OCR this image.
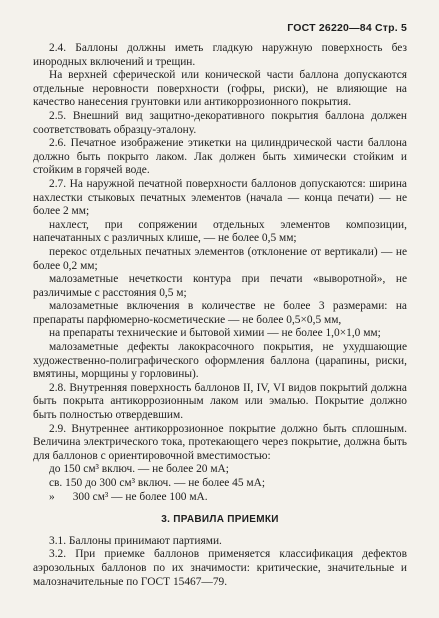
ГОСТ 26220—84 Стр. 5

2.4. Баллоны должны иметь гладкую наружную поверхность без инородных включений и трещин.

На верхней сферической или конической части баллона допускаются отдельные неровности поверхности (гофры, риски), не влияющие на качество нанесения грунтовки или антикоррозионного покрытия.

2.5. Внешний вид защитно-декоративного покрытия баллона должен соответствовать образцу-эталону.

2.6. Печатное изображение этикетки на цилиндрической части баллона должно быть покрыто лаком. Лак должен быть химически стойким и стойким в горячей воде.

2.7. На наружной печатной поверхности баллонов допускаются: ширина нахлестки стыковых печатных элементов (начала — конца печати) — не более 2 мм;

нахлест, при сопряжении отдельных элементов композиции, напечатанных с различных клише, — не более 0,5 мм;

перекос отдельных печатных элементов (отклонение от вертикали) — не более 0,2 мм;

малозаметные нечеткости контура при печати «выворотной», не различимые с расстояния 0,5 м;

малозаметные включения в количестве не более 3 размерами: на препараты парфюмерно-косметические — не более 0,5×0,5 мм,

на препараты технические и бытовой химии — не более 1,0×1,0 мм;

малозаметные дефекты лакокрасочного покрытия, не ухудшающие художественно-полиграфического оформления баллона (царапины, риски, вмятины, морщины у горловины).

2.8. Внутренняя поверхность баллонов II, IV, VI видов покрытий должна быть покрыта антикоррозионным лаком или эмалью. Покрытие должно быть полностью отвердевшим.

2.9. Внутреннее антикоррозионное покрытие должно быть сплошным. Величина электрического тока, протекающего через покрытие, должна быть для баллонов с ориентировочной вместимостью:

до 150 см³ включ. — не более 20 мА;

св. 150 до 300 см³ включ. — не более 45 мА;

» 300 см³ — не более 100 мА.

3. ПРАВИЛА ПРИЕМКИ

3.1. Баллоны принимают партиями.

3.2. При приемке баллонов применяется классификация дефектов аэрозольных баллонов по их значимости: критические, значительные и малозначительные по ГОСТ 15467—79.
